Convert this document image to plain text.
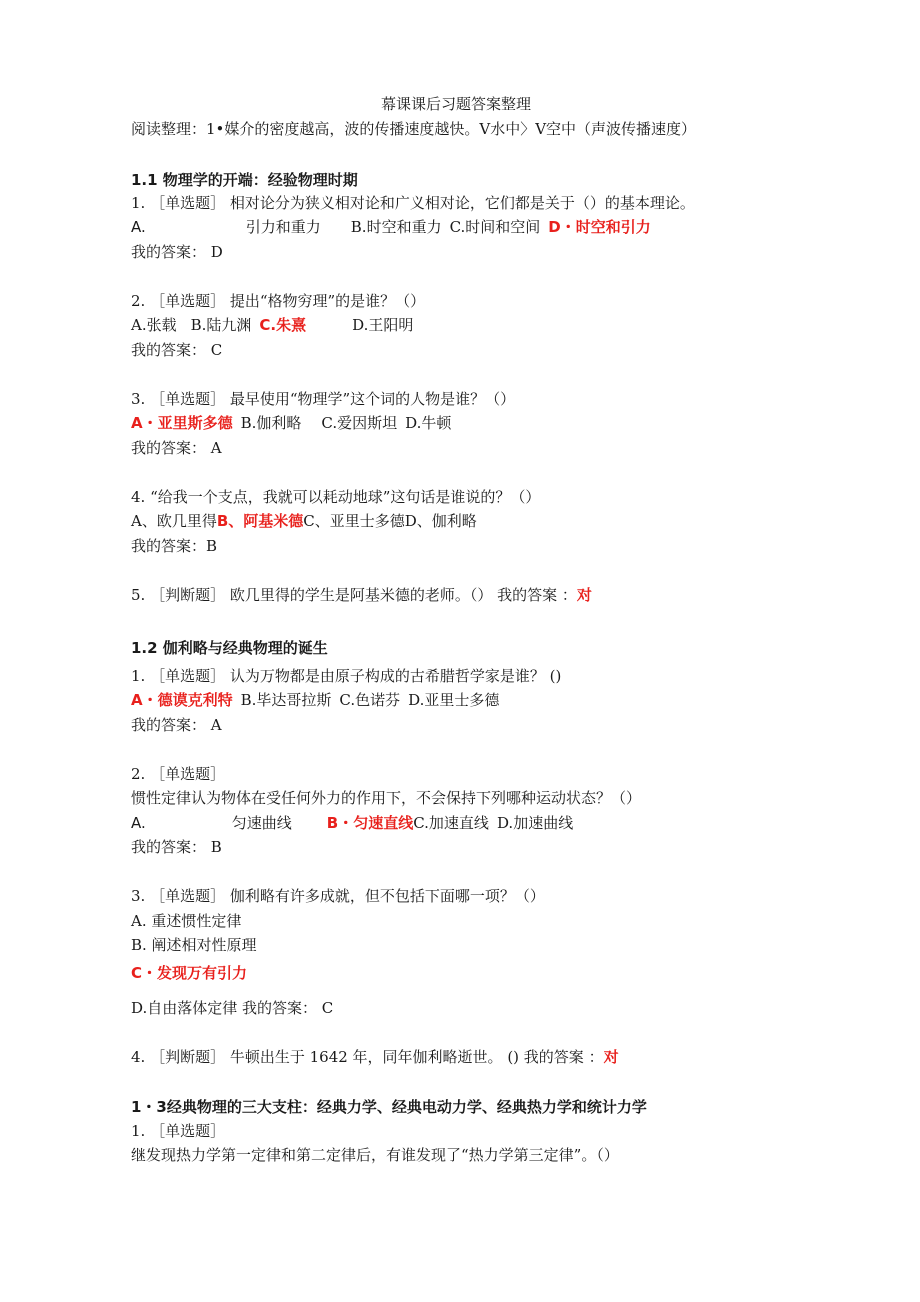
幕课课后习题答案整理
阅读整理：1•媒介的密度越高，波的传播速度越快。V水中〉V空中（声波传播速度）
1.1 物理学的开端：经验物理时期
1. ［单选题］ 相对论分为狭义相对论和广义相对论，它们都是关于（）的基本理论。
A.	引力和重力 B.时空和重力 C.时间和空间 D・时空和引力
我的答案： D
2. ［单选题］ 提出“格物穷理”的是谁？（）
A.张载 B.陆九渊 C.朱熹	D.王阳明
我的答案： C
3. ［单选题］ 最早使用“物理学”这个词的人物是谁？（）
A・亚里斯多德 B.伽利略 C.爱因斯坦 D.牛顿
我的答案： A
4. “给我一个支点，我就可以耗动地球”这句话是谁说的？（）
A、欧几里得B、阿基米德C、亚里士多德D、伽利略
我的答案：B
5. ［判断题］ 欧几里得的学生是阿基米德的老师。（） 我的答案 ：对
1.2 伽利略与经典物理的诞生
1. ［单选题］ 认为万物都是由原子构成的古希腊哲学家是谁？ ()
A・德谟克利特 B.毕达哥拉斯 C.色诺芬 D.亚里士多德
我的答案： A
2. ［单选题］
惯性定律认为物体在受任何外力的作用下，不会保持下列哪种运动状态？（）
A.	匀速曲线 B・匀速直线C.加速直线 D.加速曲线
我的答案： B
3. ［单选题］ 伽利略有许多成就，但不包括下面哪一项？（）
A. 重述惯性定律
B. 阐述相对性原理
C・发现万有引力
D.自由落体定律 我的答案： C
4. ［判断题］ 牛顿出生于 1642 年，同年伽利略逝世。 () 我的答案 ：对
1・3经典物理的三大支柱：经典力学、经典电动力学、经典热力学和统计力学
1. ［单选题］
继发现热力学第一定律和第二定律后，有谁发现了“热力学第三定律”。（）
